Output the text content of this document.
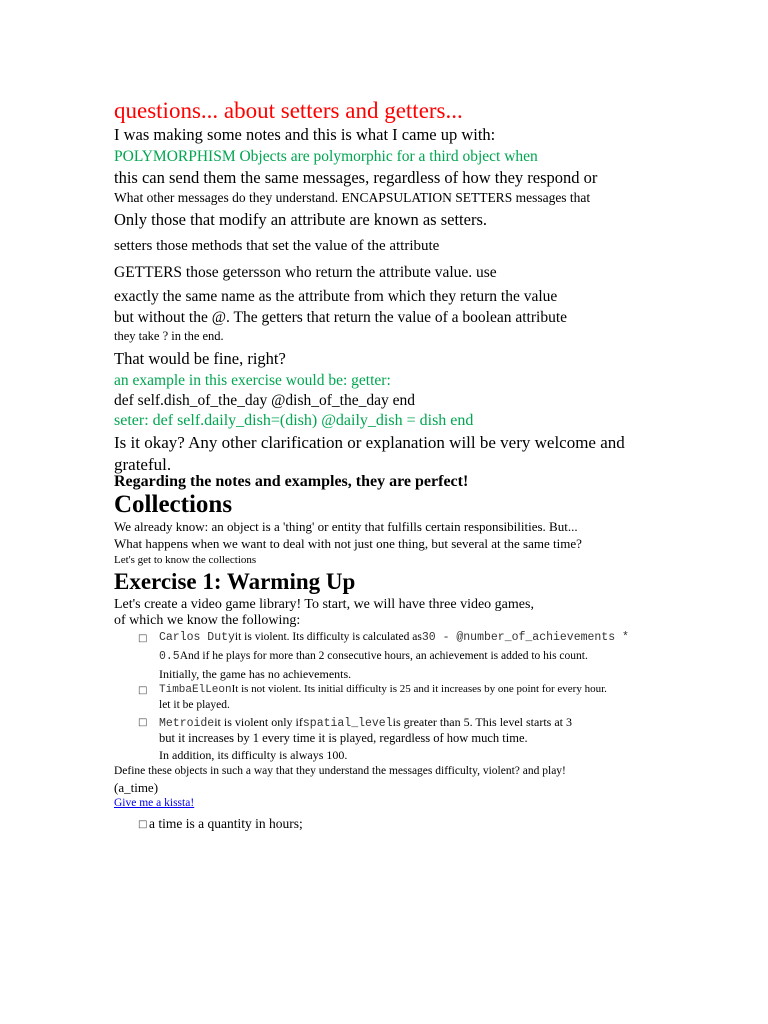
questions... about setters and getters...
I was making some notes and this is what I came up with:
POLYMORPHISM Objects are polymorphic for a third object when
this can send them the same messages, regardless of how they respond or
What other messages do they understand. ENCAPSULATION SETTERS messages that
Only those that modify an attribute are known as setters.
setters those methods that set the value of the attribute
GETTERS those getersson who return the attribute value. use
exactly the same name as the attribute from which they return the value
but without the @. The getters that return the value of a boolean attribute
they take ? in the end.
That would be fine, right?
an example in this exercise would be: getter:
def self.dish_of_the_day @dish_of_the_day end
seter: def self.daily_dish=(dish) @daily_dish = dish end
Is it okay? Any other clarification or explanation will be very welcome and
grateful.
Regarding the notes and examples, they are perfect!
Collections
We already know: an object is a 'thing' or entity that fulfills certain responsibilities. But...
What happens when we want to deal with not just one thing, but several at the same time?
Let's get to know the collections
Exercise 1: Warming Up
Let's create a video game library! To start, we will have three video games,
of which we know the following:
□ Carlos Dutyit is violent. Its difficulty is calculated as30 - @number_of_achievements *
0.5And if he plays for more than 2 consecutive hours, an achievement is added to his count.
Initially, the game has no achievements.
□ TimbaElLeonIt is not violent. Its initial difficulty is 25 and it increases by one point for every hour.
let it be played.
□ Metroideit is violent only ifspatial_levelis greater than 5. This level starts at 3
but it increases by 1 every time it is played, regardless of how much time.
In addition, its difficulty is always 100.
Define these objects in such a way that they understand the messages difficulty, violent? and play!
(a_time)
Give me a kissta!
□ a time is a quantity in hours;
